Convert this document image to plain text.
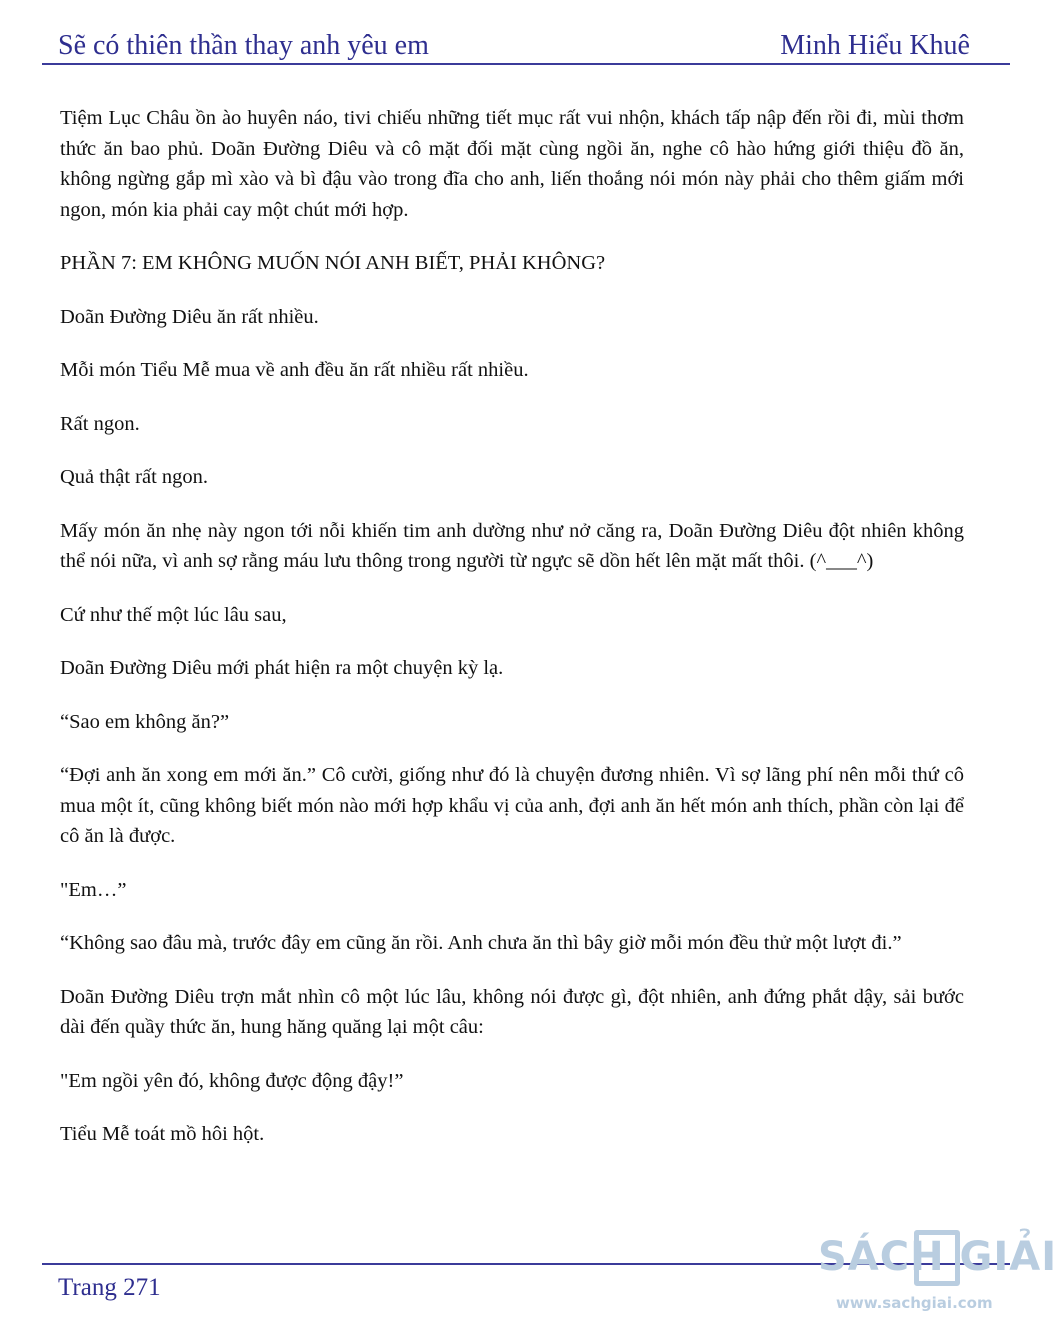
Sẽ có thiên thần thay anh yêu em	Minh Hiểu Khuê

Tiệm Lục Châu ồn ào huyên náo, tivi chiếu những tiết mục rất vui nhộn, khách tấp nập đến rồi đi, mùi thơm thức ăn bao phủ. Doãn Đường Diêu và cô mặt đối mặt cùng ngồi ăn, nghe cô hào hứng giới thiệu đồ ăn, không ngừng gắp mì xào và bì đậu vào trong đĩa cho anh, liến thoắng nói món này phải cho thêm giấm mới ngon, món kia phải cay một chút mới hợp.

PHẦN 7: EM KHÔNG MUỐN NÓI ANH BIẾT, PHẢI KHÔNG?

Doãn Đường Diêu ăn rất nhiều.

Mỗi món Tiểu Mễ mua về anh đều ăn rất nhiều rất nhiều.

Rất ngon.

Quả thật rất ngon.

Mấy món ăn nhẹ này ngon tới nỗi khiến tim anh dường như nở căng ra, Doãn Đường Diêu đột nhiên không thể nói nữa, vì anh sợ rằng máu lưu thông trong người từ ngực sẽ dồn hết lên mặt mất thôi. (^___^)

Cứ như thế một lúc lâu sau,

Doãn Đường Diêu mới phát hiện ra một chuyện kỳ lạ.

“Sao em không ăn?”

“Đợi anh ăn xong em mới ăn.” Cô cười, giống như đó là chuyện đương nhiên. Vì sợ lãng phí nên mỗi thứ cô mua một ít, cũng không biết món nào mới hợp khẩu vị của anh, đợi anh ăn hết món anh thích, phần còn lại để cô ăn là được.

"Em…”

“Không sao đâu mà, trước đây em cũng ăn rồi. Anh chưa ăn thì bây giờ mỗi món đều thử một lượt đi.”

Doãn Đường Diêu trợn mắt nhìn cô một lúc lâu, không nói được gì, đột nhiên, anh đứng phắt dậy, sải bước dài đến quầy thức ăn, hung hăng quăng lại một câu:

"Em ngồi yên đó, không được động đậy!”

Tiểu Mễ toát mồ hôi hột.

Trang 271
SÁCH GIẢI
www.sachgiai.com
